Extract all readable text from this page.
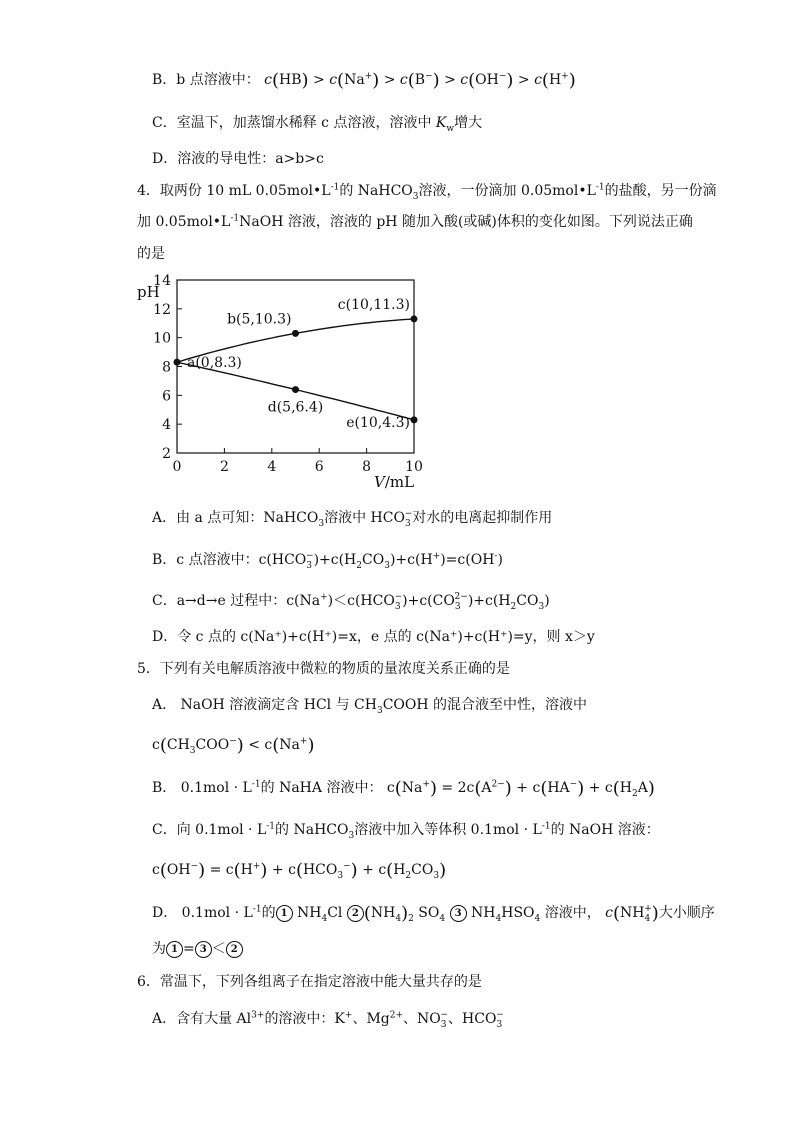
B．b 点溶液中： c(HB) > c(Na+) > c(B−) > c(OH−) > c(H+)
C．室温下，加蒸馏水稀释 c 点溶液，溶液中 $K_w$增大
D．溶液的导电性：a>b>c
4．取两份 10 mL $0.05mol•L^{-1}$的 NaHCO$_3$溶液，一份滴加 $0.05mol•L^{-1}$的盐酸，另一份滴
加 $0.05mol•L^{-1}NaOH$ 溶液，溶液的 pH 随加入酸(或碱)体积的变化如图。下列说法正确
的是
2
4
6
8
10
12
14
0	2	4	6	8 10
pH
V/mL
a(0,8.3)
b(5,10.3)
c(10,11.3)
d(5,6.4)
e(10,4.3)
A．由 a 点可知：NaHCO$_3$溶液中 $HCO_3^-$对水的电离起抑制作用
B．c 点溶液中：$c(HCO_3^-)+c(H_2CO_3)+c(H^+)=c(OH^-)$
C．a→d→e 过程中：$c(Na^+)<c(HCO_3^-)+c(CO_3^{2-})+c(H_2CO_3)$
D．令 c 点的 c(Na⁺)+c(H⁺)=x，e 点的 c(Na⁺)+c(H⁺)=y，则 x＞y
5．下列有关电解质溶液中微粒的物质的量浓度关系正确的是
A． NaOH 溶液滴定含 HCl 与 $CH_3COOH$ 的混合液至中性，溶液中
$c(CH_3COO^-) < c(Na^+)$
B． $0.1mol \cdot L^{-1}$的 NaHA 溶液中： $c(Na^+) = 2c(A^{2-}) + c(HA^-) + c(H_2A)$
C．向 $0.1mol \cdot L^{-1}$的 NaHCO$_3$溶液中加入等体积 $0.1mol \cdot L^{-1}$的 NaOH 溶液：
$c(OH^-) = c(H^+) + c(HCO_3^-) + c(H_2CO_3)$
D． $0.1mol \cdot L^{-1}$的 1 $NH_4Cl$ 2 $(NH_4)_2$ $SO_4$ 3 $NH_4HSO_4$ 溶液中， $c(NH_4^+)$大小顺序
为 1 = 3 ＜ 2
6．常温下，下列各组离子在指定溶液中能大量共存的是
A．含有大量 $Al^{3+}$的溶液中：K+、$Mg^{2+}$、$NO_3^-$、$HCO_3^-$
